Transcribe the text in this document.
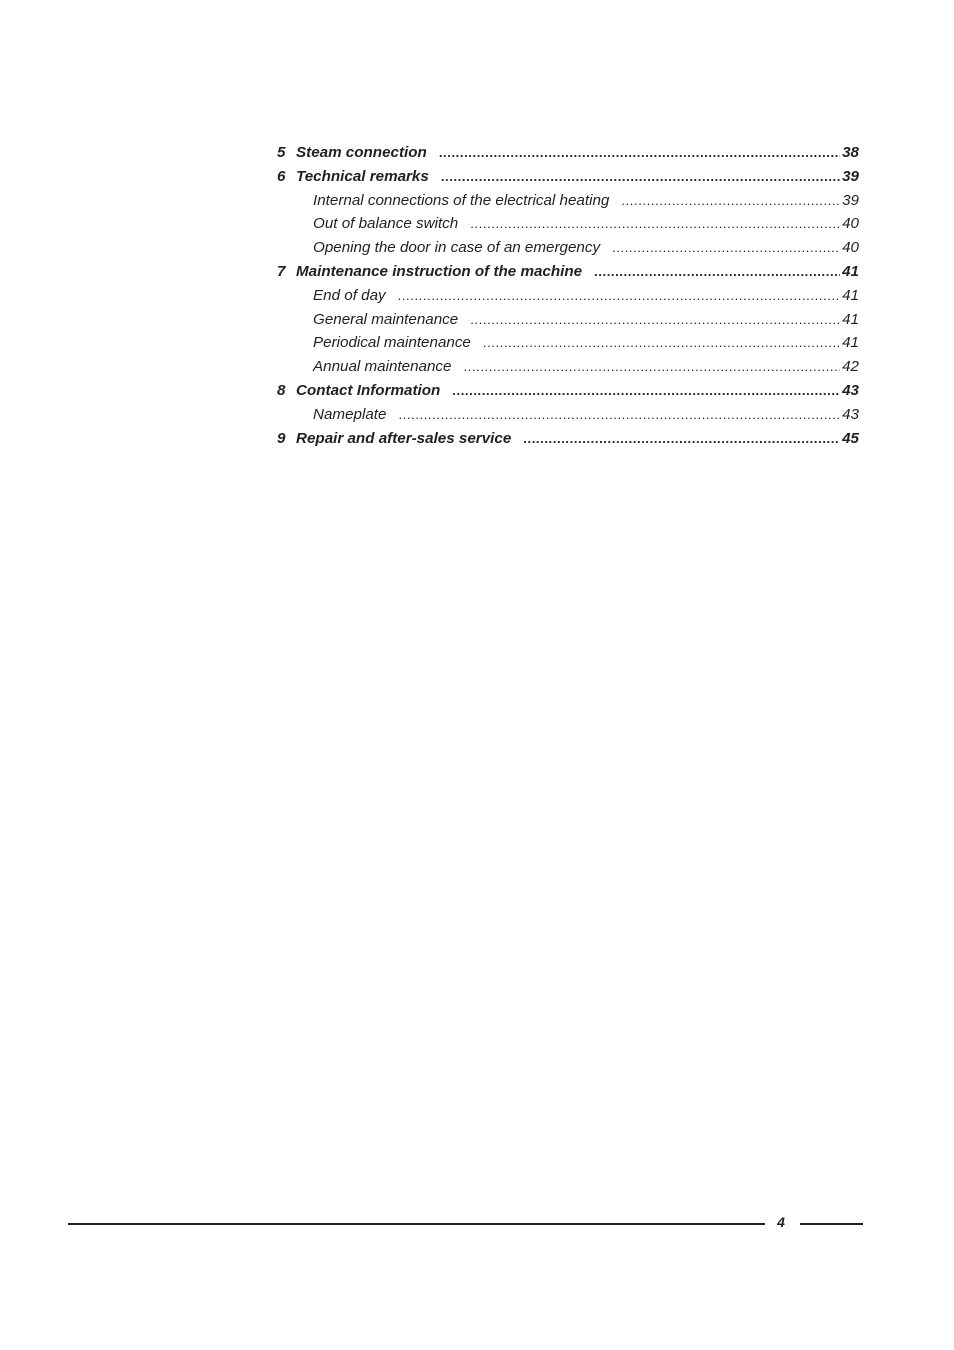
5 Steam connection .....	38
6 Technical remarks .....	39
Internal connections of the electrical heating .....	39
Out of balance switch .....	40
Opening the door in case of an emergency .....	40
7 Maintenance instruction of the machine .....	41
End of day .....	41
General maintenance .....	41
Periodical maintenance .....	41
Annual maintenance .....	42
8 Contact Information .....	43
Nameplate .....	43
9 Repair and after-sales service .....	45
4
